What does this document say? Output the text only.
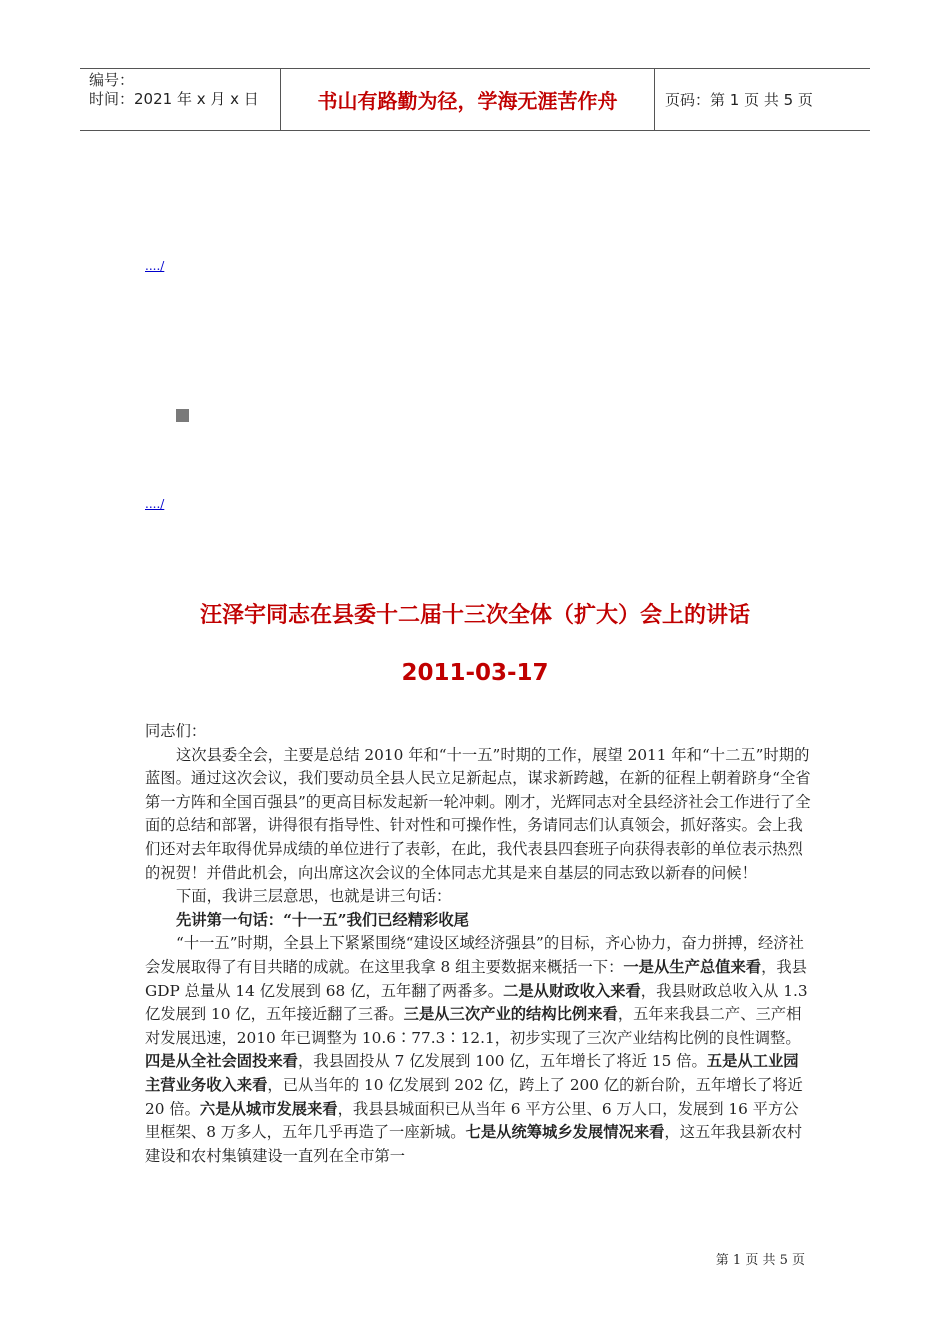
编号：
时间：2021 年 x 月 x 日	书山有路勤为径，学海无涯苦作舟	页码：第 1 页 共 5 页
..../
..../
汪泽宇同志在县委十二届十三次全体（扩大）会上的讲话
2011-03-17

同志们：

这次县委全会，主要是总结 2010 年和“十一五”时期的工作，展望 2011 年和“十二五”时期的蓝图。通过这次会议，我们要动员全县人民立足新起点，谋求新跨越，在新的征程上朝着跻身“全省第一方阵和全国百强县”的更高目标发起新一轮冲刺。刚才，光辉同志对全县经济社会工作进行了全面的总结和部署，讲得很有指导性、针对性和可操作性，务请同志们认真领会，抓好落实。会上我们还对去年取得优异成绩的单位进行了表彰，在此，我代表县四套班子向获得表彰的单位表示热烈的祝贺！并借此机会，向出席这次会议的全体同志尤其是来自基层的同志致以新春的问候！

下面，我讲三层意思，也就是讲三句话：

先讲第一句话：“十一五”我们已经精彩收尾

“十一五”时期，全县上下紧紧围绕“建设区域经济强县”的目标，齐心协力，奋力拼搏，经济社会发展取得了有目共睹的成就。在这里我拿 8 组主要数据来概括一下：一是从生产总值来看，我县　GDP 总量从 14 亿发展到 68 亿，五年翻了两番多。二是从财政收入来看，我县财政总收入从 1.3 亿发展到 10 亿，五年接近翻了三番。三是从三次产业的结构比例来看，五年来我县二产、三产相对发展迅速，2010 年已调整为 10.6∶77.3∶12.1，初步实现了三次产业结构比例的良性调整。四是从全社会固投来看，我县固投从 7 亿发展到 100 亿，五年增长了将近 15 倍。五是从工业园主营业务收入来看，已从当年的 10 亿发展到 202 亿，跨上了 200 亿的新台阶，五年增长了将近 20 倍。六是从城市发展来看，我县县城面积已从当年 6 平方公里、6 万人口，发展到 16 平方公里框架、8 万多人，五年几乎再造了一座新城。七是从统筹城乡发展情况来看，这五年我县新农村建设和农村集镇建设一直列在全市第一

第 1 页 共 5 页
